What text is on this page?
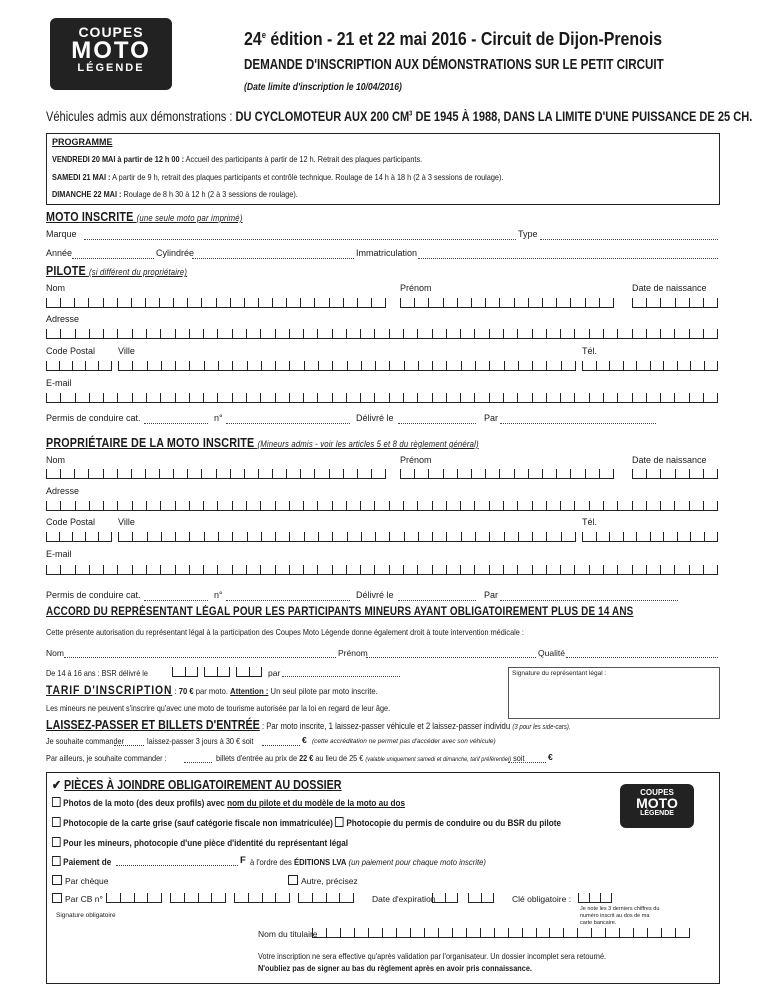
COUPES
MOTO
LÉGENDE
24e édition - 21 et 22 mai 2016 - Circuit de Dijon-Prenois
DEMANDE D'INSCRIPTION AUX DÉMONSTRATIONS SUR LE PETIT CIRCUIT
(Date limite d'inscription le 10/04/2016)
Véhicules admis aux démonstrations : DU CYCLOMOTEUR AUX 200 $CM^3$ DE 1945 À 1988, DANS LA LIMITE D'UNE PUISSANCE DE 25 CH.
PROGRAMME
VENDREDI 20 MAI à partir de 12 h 00 : Accueil des participants à partir de 12 h. Retrait des plaques participants.
SAMEDI 21 MAI : A partir de 9 h, retrait des plaques participants et contrôle technique. Roulage de 14 h à 18 h (2 à 3 sessions de roulage).
DIMANCHE 22 MAI : Roulage de 8 h 30 à 12 h (2 à 3 sessions de roulage).
MOTO INSCRITE (une seule moto par imprimé)
Marque	Type
Année	Cylindrée	Immatriculation
PILOTE (si différent du propriétaire)
Nom	Prénom	Date de naissance
Adresse
Code Postal	Ville	Tél.
E-mail
Permis de conduire cat.	n°	Délivré le	Par
PROPRIÉTAIRE DE LA MOTO INSCRITE (Mineurs admis - voir les articles 5 et 8 du règlement général)
Nom	Prénom	Date de naissance
Adresse
Code Postal	Ville	Tél.
E-mail
Permis de conduire cat.	n°	Délivré le	Par
ACCORD DU REPRÉSENTANT LÉGAL POUR LES PARTICIPANTS MINEURS AYANT OBLIGATOIREMENT PLUS DE 14 ANS
Cette présente autorisation du représentant légal à la participation des Coupes Moto Légende donne également droit à toute intervention médicale :
Nom	Prénom	Qualité
De 14 à 16 ans : BSR délivré le	par	Signature du représentant légal :
TARIF D'INSCRIPTION : 70 € par moto. Attention : Un seul pilote par moto inscrite.
Les mineurs ne peuvent s'inscrire qu'avec une moto de tourisme autorisée par la loi en regard de leur âge.
LAISSEZ-PASSER ET BILLETS D'ENTRÉE : Par moto inscrite, 1 laissez-passer véhicule et 2 laissez-passer individu (3 pour les side-cars).
Je souhaite commander	laissez-passer 3 jours à 30 € soit	€ (cette accréditation ne permet pas d'accéder avec son véhicule)
Par ailleurs, je souhaite commander :	billets d'entrée au prix de 22 € au lieu de 25 € (valable uniquement samedi et dimanche, tarif préférentiel) soit	€
✔ PIÈCES À JOINDRE OBLIGATOIREMENT AU DOSSIER
COUPES
MOTO
LÉGENDE
Photos de la moto (des deux profils) avec nom du pilote et du modèle de la moto au dos
Photocopie de la carte grise (sauf catégorie fiscale non immatriculée) Photocopie du permis de conduire ou du BSR du pilote
Pour les mineurs, photocopie d'une pièce d'identité du représentant légal
Paiement de	F à l'ordre des ÉDITIONS LVA (un paiement pour chaque moto inscrite)
Par chèque	Autre, précisez
Par CB n°	Date d'expiration	Clé obligatoire :
Je note les 3 derniers chiffres du numéro inscrit au dos de ma carte bancaire.
Signature obligatoire
Nom du titulaire
Votre inscription ne sera effective qu'après validation par l'organisateur. Un dossier incomplet sera retourné.
N'oubliez pas de signer au bas du règlement après en avoir pris connaissance.
